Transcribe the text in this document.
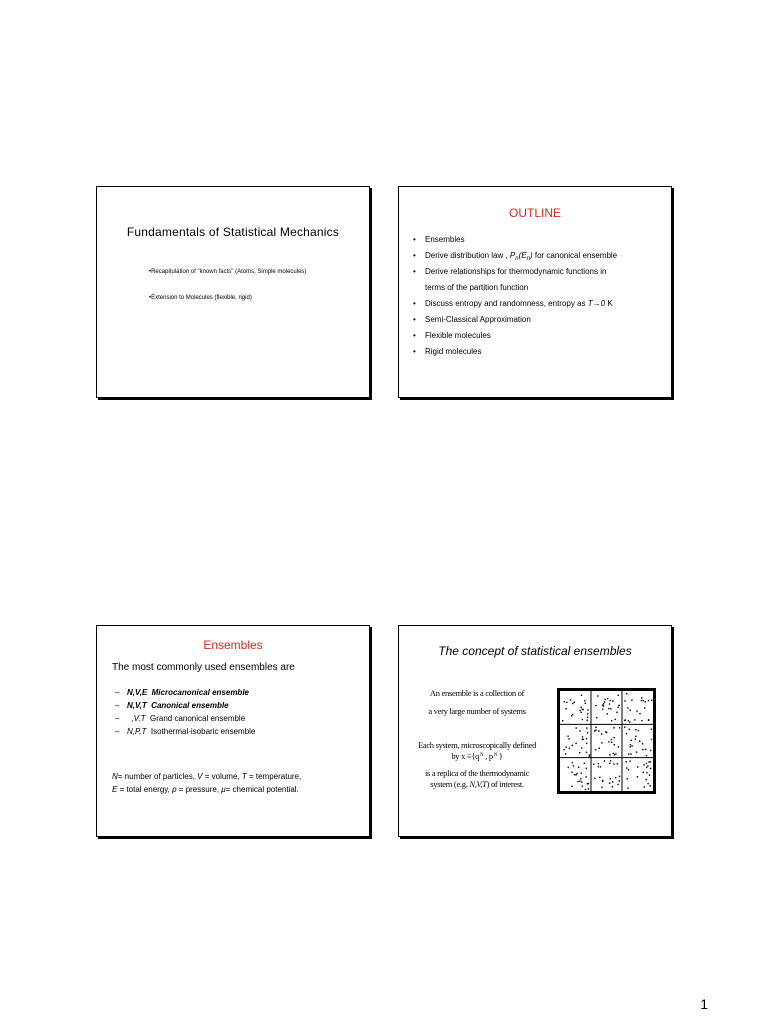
Fundamentals of Statistical Mechanics
•Recapitulation of "known facts" (Atoms, Simple molecules)
•Extension to Molecules (flexible, rigid)
OUTLINE
• Ensembles
• Derive distribution law , $P_n(E_n)$ for canonical ensemble
• Derive relationships for thermodynamic functions in
terms of the partition function
• Discuss entropy and randomness, entropy as T→0 K
• Semi-Classical Approximation
• Flexible molecules
• Rigid molecules
Ensembles
The most commonly used ensembles are
– N,V,E Microcanonical ensemble
– N,V,T Canonical ensemble
–  ,V,T Grand canonical ensemble
– N,P,T Isothermal-isobaric ensemble
N= number of particles, V = volume, T = temperature,
E = total energy, p = pressure, μ= chemical potential.
The concept of statistical ensembles
An ensemble is a collection of
a very large number of systems
Each system, microscopically defined
by x ≡{q $^N$ , p $^N$ }
is a replica of the thermodynamic
system (e.g. N,V,T) of interest.
1
